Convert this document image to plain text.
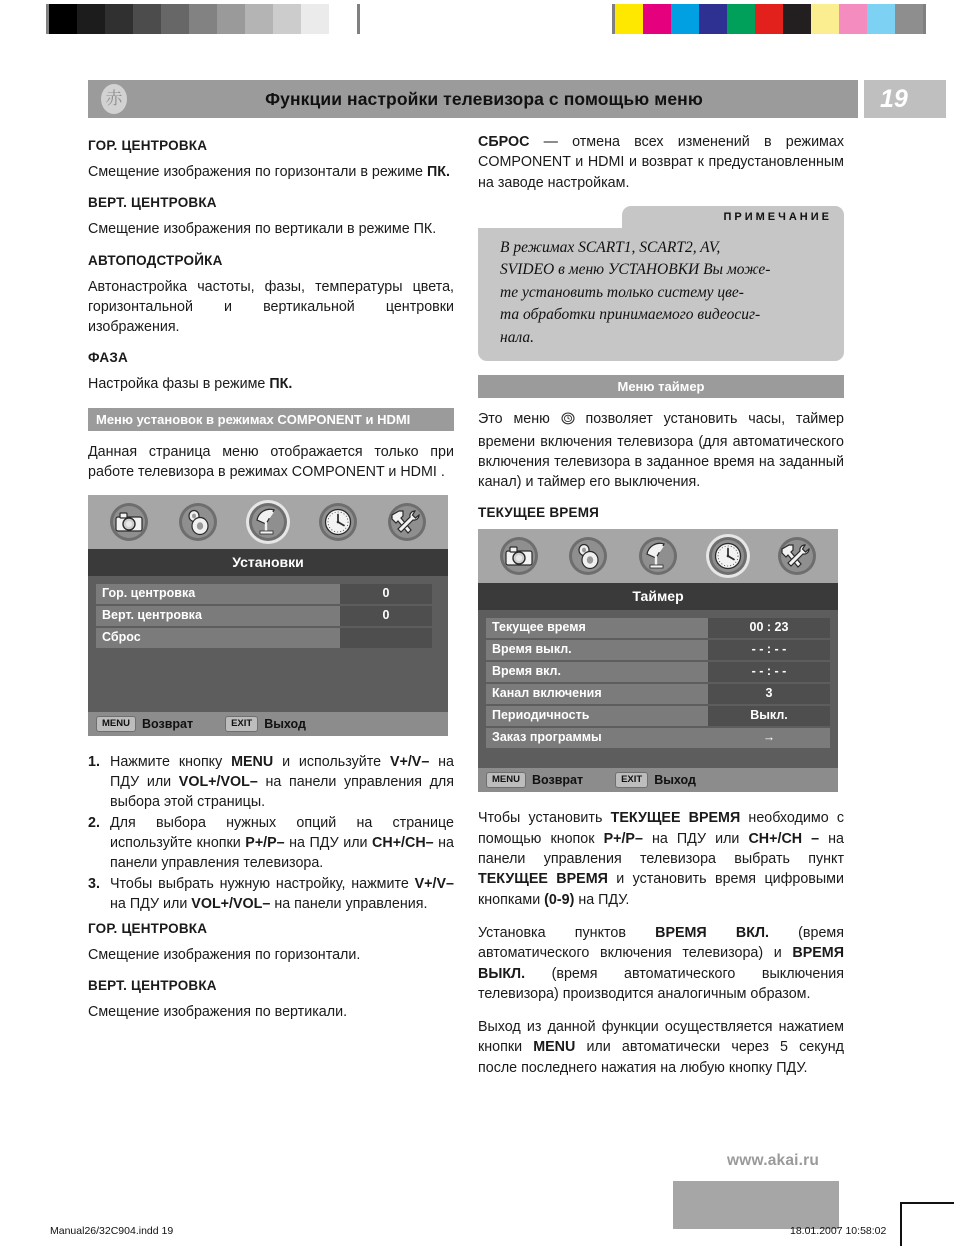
赤	Функции настройки телевизора с помощью меню	19
ГОР. ЦЕНТРОВКА

Смещение изображения по горизонтали в режиме ПК.

ВЕРТ. ЦЕНТРОВКА

Смещение изображения по вертикали в режиме ПК.

АВТОПОДСТРОЙКА

Автонастройка частоты, фазы, температуры цвета, горизонтальной и вертикальной центровки изображения.

ФАЗА

Настройка фазы в режиме ПК.

Меню установок в режимах COMPONENT и HDMI

Данная страница меню отображается только при работе телевизора в режимах COMPONENT и HDMI .

Установки
Гор. центровка	0
Верт. центровка	0
Сброс
MENU Возврат	EXIT Выход
1. Нажмите кнопку MENU и используйте V+/V– на ПДУ или VOL+/VOL– на панели управления для выбора этой страницы.
2. Для выбора нужных опций на странице используйте кнопки P+/P– на ПДУ или CH+/CH– на панели управления телевизора.
3. Чтобы выбрать нужную настройку, нажмите V+/V– на ПДУ или VOL+/VOL– на панели управления.
ГОР. ЦЕНТРОВКА

Смещение изображения по горизонтали.

ВЕРТ. ЦЕНТРОВКА

Смещение изображения по вертикали.

СБРОС — отмена всех изменений в режимах COMPONENT и HDMI и возврат к предустановленным на заводе настройкам.

ПРИМЕЧАНИЕ
В режимах SCART1, SCART2, AV,
SVIDEO в меню УСТАНОВКИ Вы може-
те установить только систему цве-
та обработки принимаемого видеосиг-
нала.
Меню таймер

Это меню  позволяет установить часы, таймер времени включения телевизора (для автоматического включения телевизора в заданное время на заданный канал) и таймер его выключения.

ТЕКУЩЕЕ ВРЕМЯ
Таймер
Текущее время	00 : 23
Время выкл.	- - : - -
Время вкл.	- - : - -
Канал включения	3
Периодичность	Выкл.
Заказ программы	→
MENU Возврат	EXIT Выход

Чтобы установить ТЕКУЩЕЕ ВРЕМЯ необходимо с помощью кнопок P+/P– на ПДУ или CH+/CH – на панели управления телевизора выбрать пункт ТЕКУЩЕЕ ВРЕМЯ и установить время цифровыми кнопками (0-9) на ПДУ.

Установка пунктов ВРЕМЯ ВКЛ. (время автоматического включения телевизора) и ВРЕМЯ ВЫКЛ. (время автоматического выключения телевизора) производится аналогичным образом.

Выход из данной функции осуществляется нажатием кнопки MENU или автоматически через 5 секунд после последнего нажатия на любую кнопку ПДУ.

www.akai.ru
Manual26/32C904.indd 19	18.01.2007 10:58:02
